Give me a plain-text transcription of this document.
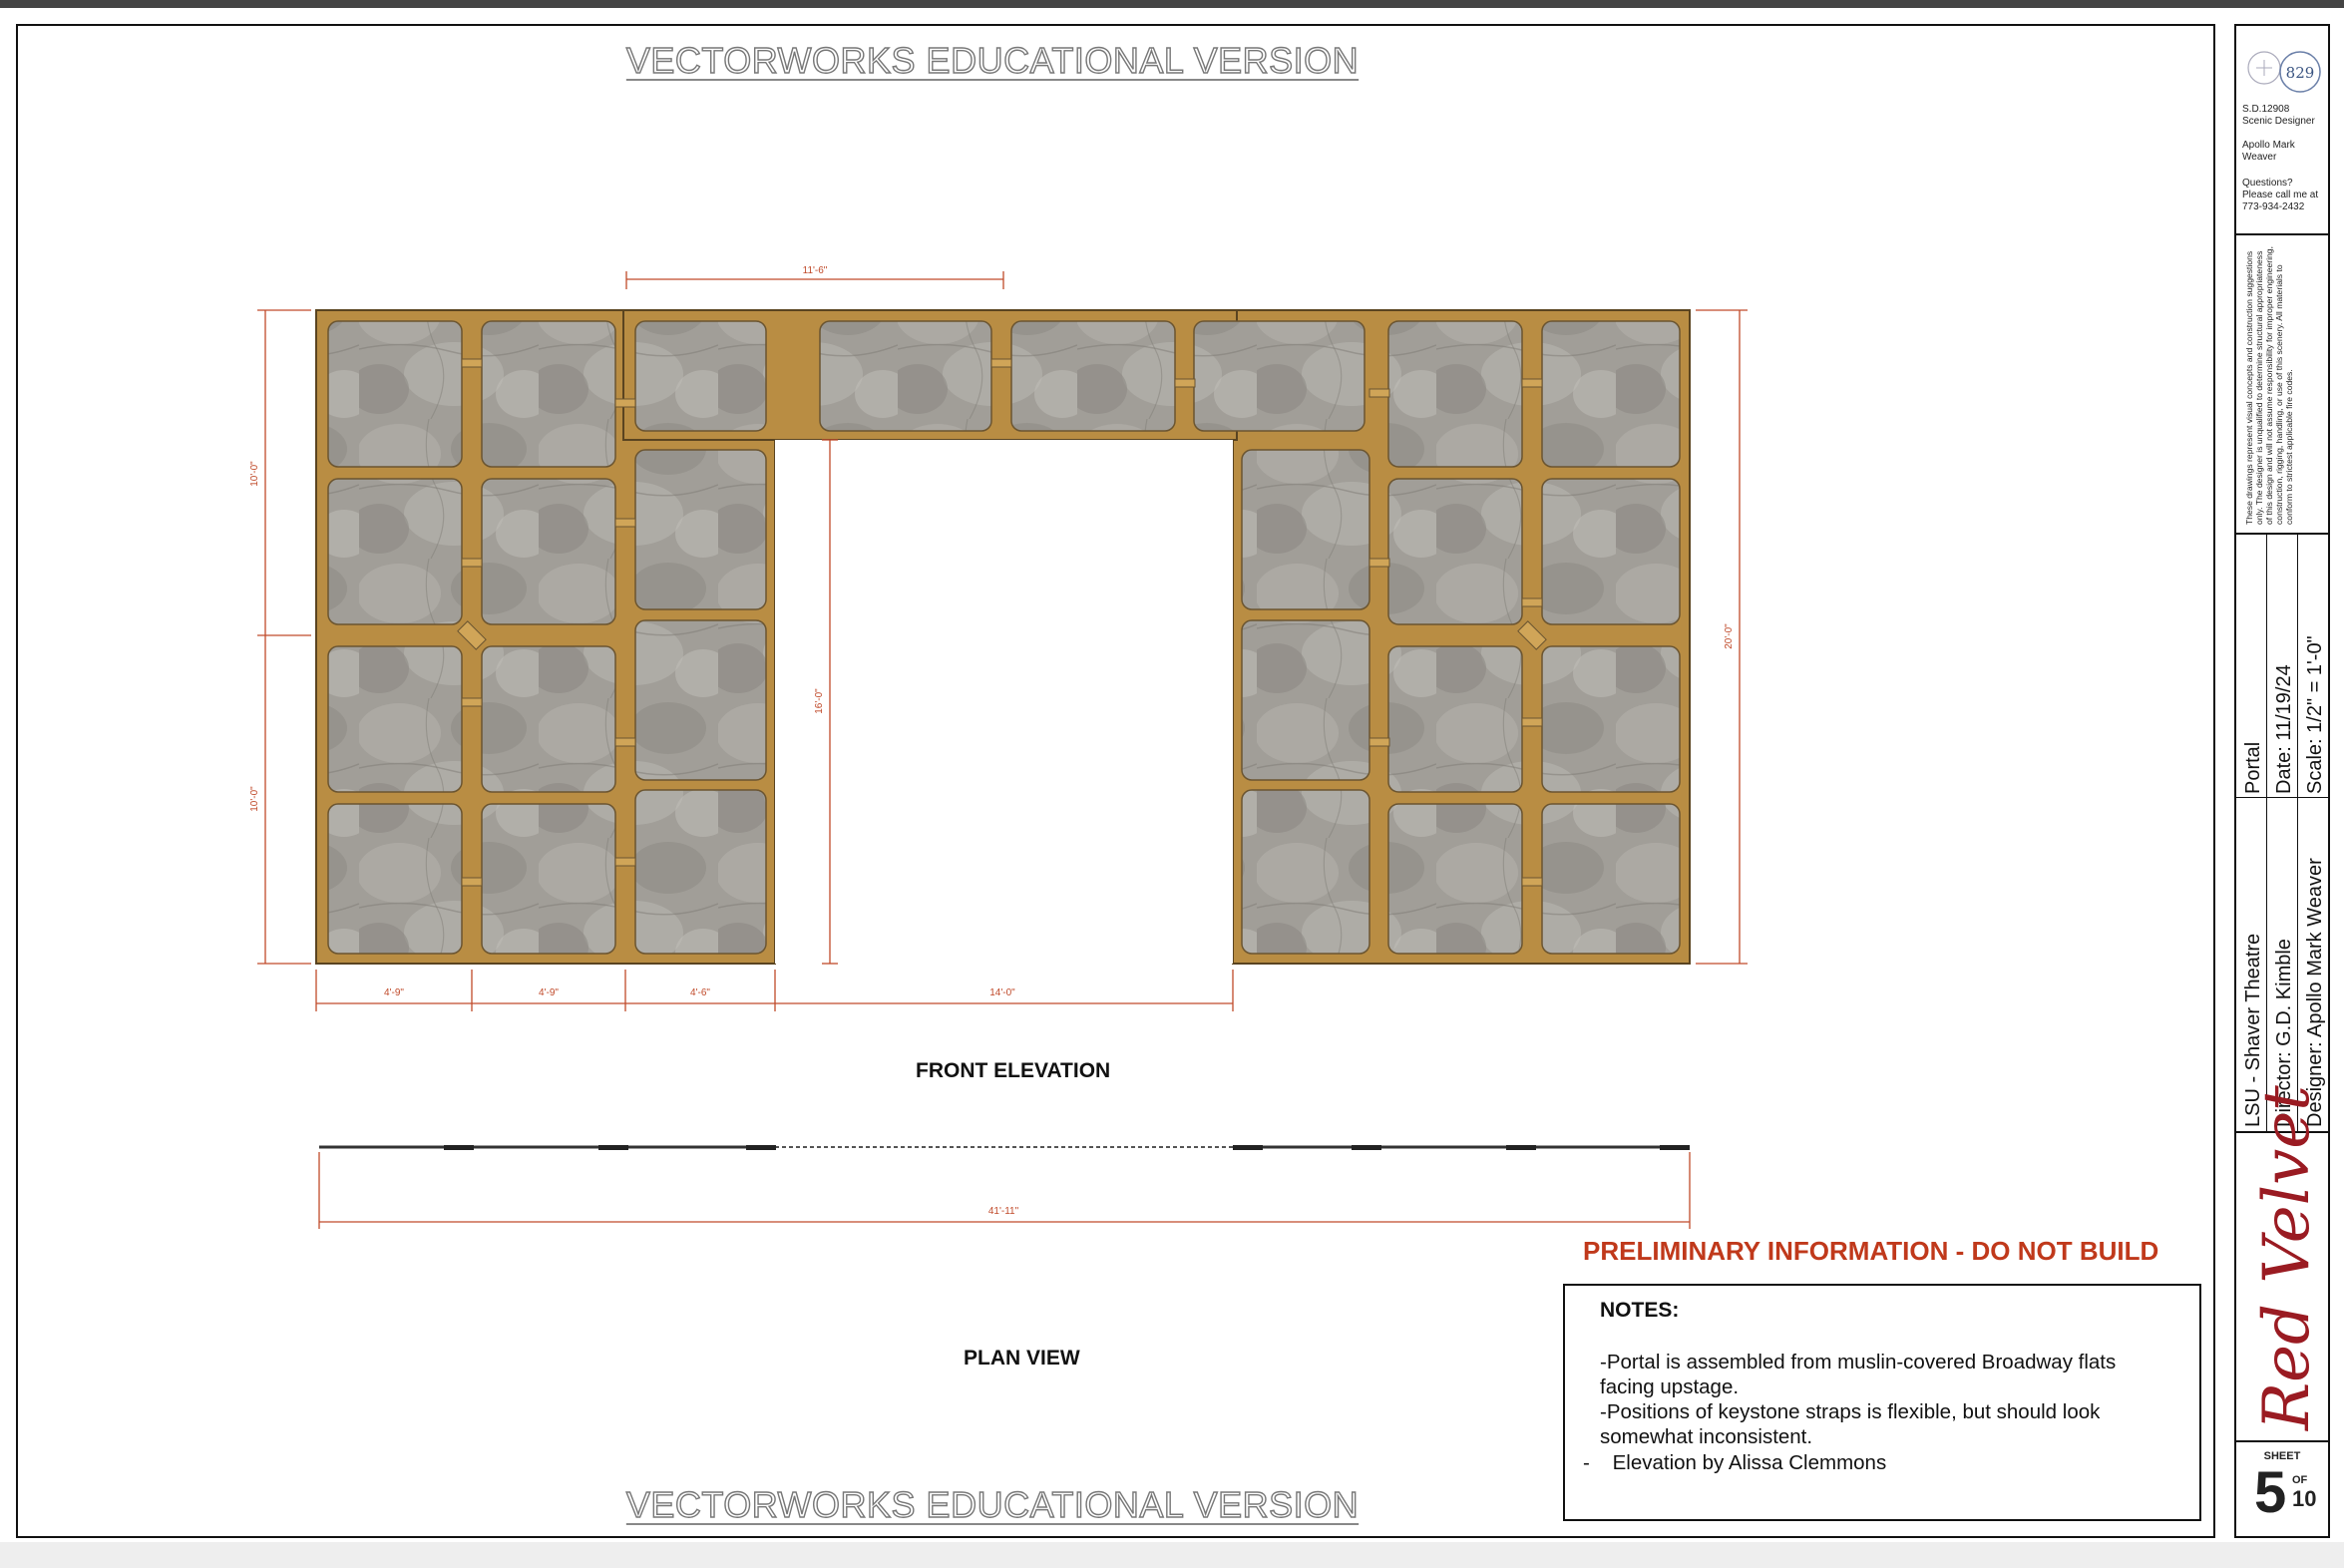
VECTORWORKS EDUCATIONAL VERSION
11'-6"
10'-0"
10'-0"
16'-0"
20'-0"
4'-9"	4'-9"	4'-6"	14'-0"
41'-11"
FRONT ELEVATION
PLAN VIEW
PRELIMINARY INFORMATION - DO NOT BUILD
NOTES:
-Portal is assembled from muslin-covered Broadway flats
facing upstage.
-Positions of keystone straps is flexible, but should look
somewhat inconsistent.
-    Elevation by Alissa Clemmons
VECTORWORKS EDUCATIONAL VERSION
829
S.D.12908
Scenic Designer
Apollo Mark Weaver
Questions?
Please call me at
773-934-2432
These drawings represent visual concepts and construction suggestions only. The designer is unqualified to determine structural appropriateness of this design and will not assume responsibility for improper engineering, construction, rigging, handling, or use of this scenery. All materials to conform to strictest applicable fire codes.
Portal Date: 11/19/24 Scale: 1/2" = 1'-0"
LSU - Shaver Theatre Director: G.D. Kimble Designer: Apollo Mark Weaver
Red Velvet
SHEET
5 OF
10
